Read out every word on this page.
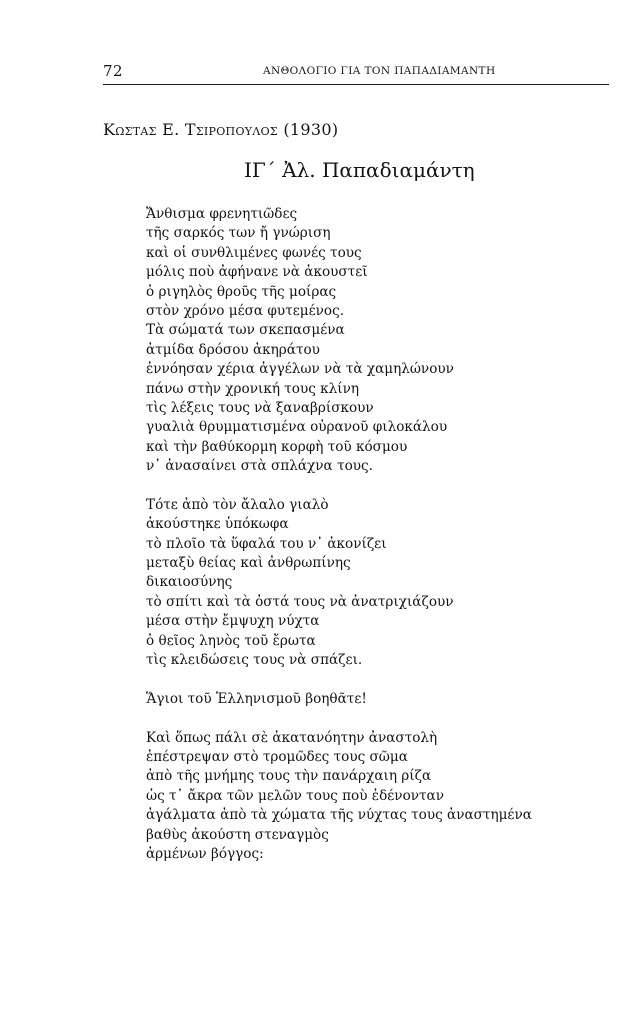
72	ΑΝΘΟΛΟΓΙΟ ΓΙΑ ΤΟΝ ΠΑΠΑΔΙΑΜΑΝΤΗ
Κωστας Ε. Τσιροπουλος (1930)
ΙΓ΄ Ἀλ. Παπαδιαμάντη
Ἄνθισμα φρενητιῶδες
τῆς σαρκός των ἤ γνώριση
καὶ οἱ συνθλιμένες φωνές τους
μόλις ποὺ ἀφήνανε νὰ ἀκουστεῖ
ὁ ριγηλὸς θροῦς τῆς μοίρας
στὸν χρόνο μέσα φυτεμένος.
Τὰ σώματά των σκεπασμένα
ἀτμίδα δρόσου ἀκηράτου
ἐννόησαν χέρια ἀγγέλων νὰ τὰ χαμηλώνουν
πάνω στὴν χρονική τους κλίνη
τὶς λέξεις τους νὰ ξαναβρίσκουν
γυαλιὰ θρυμματισμένα οὐρανοῦ φιλοκάλου
καὶ τὴν βαθύκορμη κορφὴ τοῦ κόσμου
ν᾽ ἀνασαίνει στὰ σπλάχνα τους.
Τότε ἀπὸ τὸν ἄλαλο γιαλὸ
ἀκούστηκε ὑπόκωφα
τὸ πλοῖο τὰ ὕφαλά του ν᾽ ἀκονίζει
μεταξὺ θείας καὶ ἀνθρωπίνης
δικαιοσύνης
τὸ σπίτι καὶ τὰ ὀστά τους νὰ ἀνατριχιάζουν
μέσα στὴν ἔμψυχη νύχτα
ὁ θεῖος ληνὸς τοῦ ἔρωτα
τὶς κλειδώσεις τους νὰ σπάζει.
Ἅγιοι τοῦ Ἑλληνισμοῦ βοηθᾶτε!
Καὶ ὅπως πάλι σὲ ἀκατανόητην ἀναστολὴ
ἐπέστρεψαν στὸ τρομῶδες τους σῶμα
ἀπὸ τῆς μνήμης τους τὴν πανάρχαιη ρίζα
ὡς τ᾽ ἄκρα τῶν μελῶν τους ποὺ ἐδένονταν
ἀγάλματα ἀπὸ τὰ χώματα τῆς νύχτας τους ἀναστημένα
βαθὺς ἀκούστη στεναγμὸς
ἀρμένων βόγγος:
